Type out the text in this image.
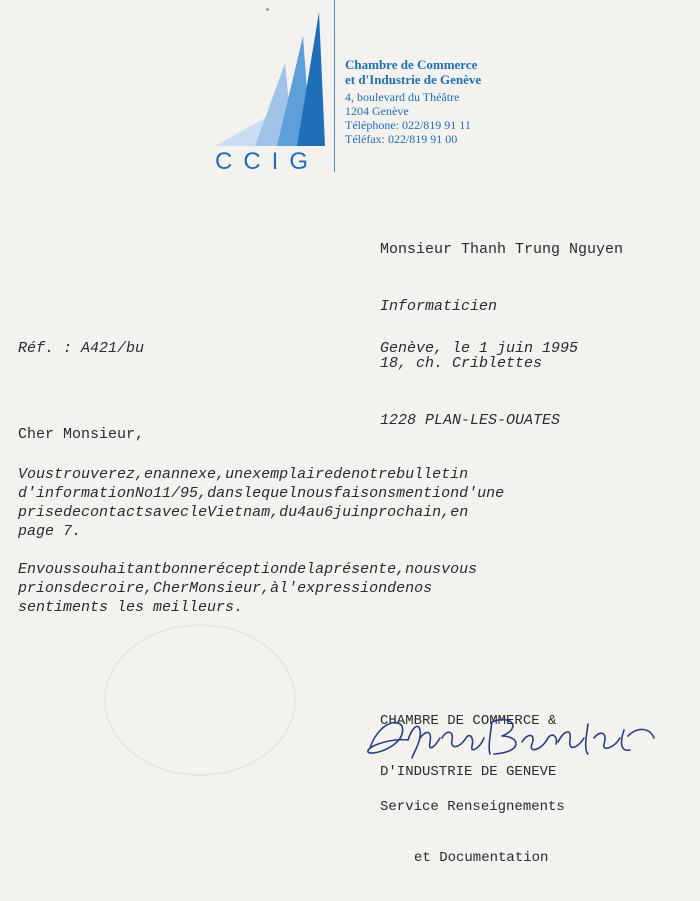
CCIG
Chambre de Commerce
et d'Industrie de Genève
4, boulevard du Théâtre
1204 Genève
Téléphone: 022/819 91 11
Téléfax: 022/819 91 00

Monsieur Thanh Trung Nguyen

Informaticien

18, ch. Criblettes

1228 PLAN-LES-OUATES

Réf. : A421/bu	Genève, le 1 juin 1995
Cher Monsieur,
Voustrouverez,enannexe,unexemplairedenotrebulletin
d'informationNo11/95,danslequelnousfaisonsmentiond'une
prisedecontactsavecleVietnam,du4au6juinprochain,en
page 7.
Envoussouhaitantbonneréceptiondelaprésente,nousvous
prionsdecroire,CherMonsieur,àl'expressiondenos
sentiments les meilleurs.

CHAMBRE DE COMMERCE &

D'INDUSTRIE DE GENEVE

Service Renseignements

et Documentation
